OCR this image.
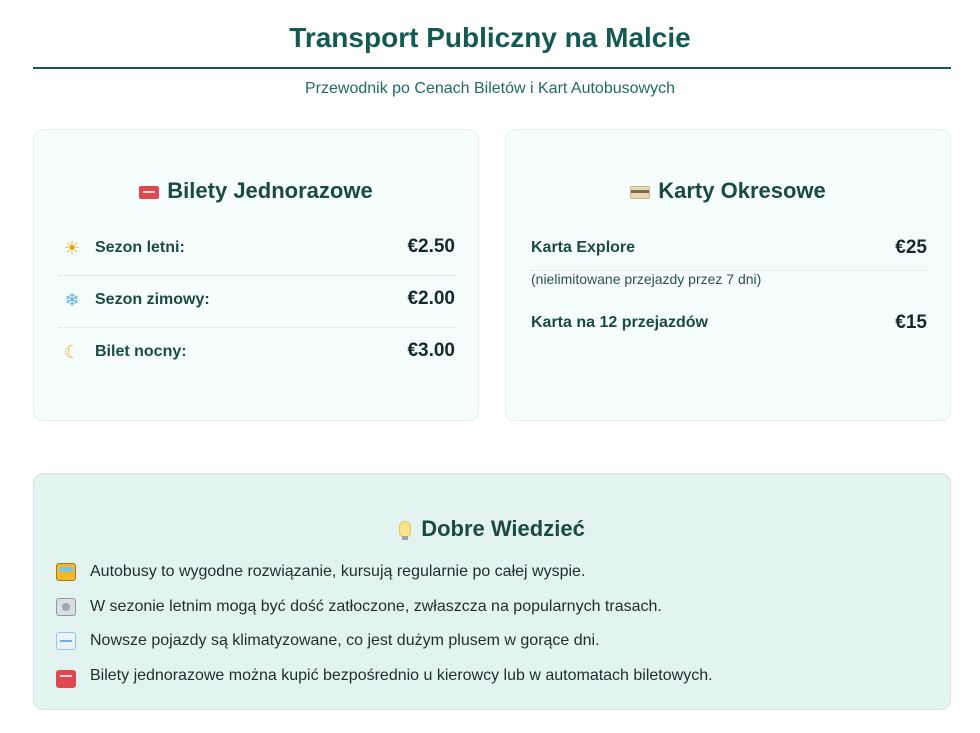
Transport Publiczny na Malcie
Przewodnik po Cenach Biletów i Kart Autobusowych
Bilety Jednorazowe
☀ Sezon letni:	€2.50
❄ Sezon zimowy:	€2.00
☾ Bilet nocny:	€3.00
Karty Okresowe
Karta Explore	€25
(nielimitowane przejazdy przez 7 dni)
Karta na 12 przejazdów	€15
Dobre Wiedzieć
Autobusy to wygodne rozwiązanie, kursują regularnie po całej wyspie.
W sezonie letnim mogą być dość zatłoczone, zwłaszcza na popularnych trasach.
Nowsze pojazdy są klimatyzowane, co jest dużym plusem w gorące dni.
Bilety jednorazowe można kupić bezpośrednio u kierowcy lub w automatach biletowych.
